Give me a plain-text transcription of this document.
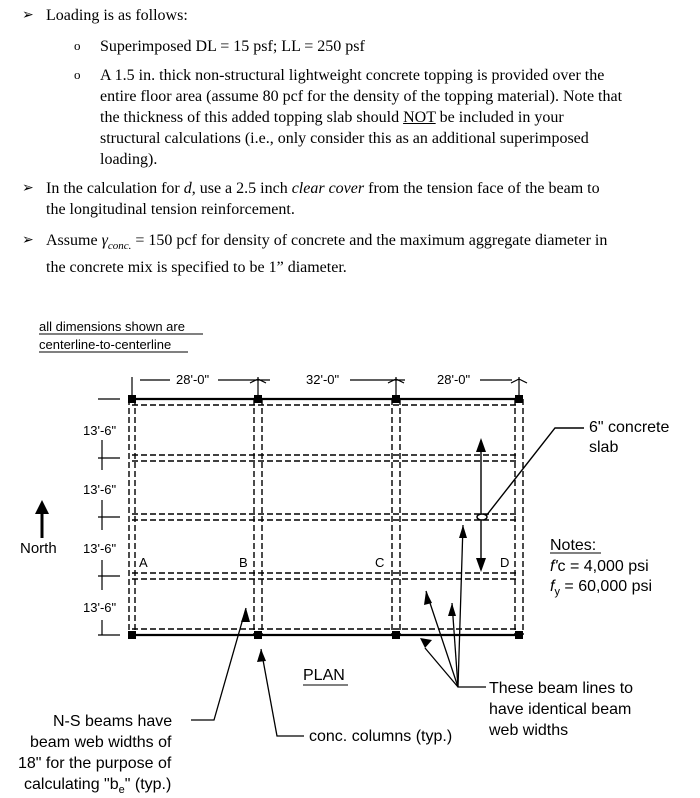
➢ Loading is as follows:
o Superimposed DL = 15 psf; LL = 250 psf
o A 1.5 in. thick non-structural lightweight concrete topping is provided over the
entire floor area (assume 80 pcf for the density of the topping material). Note that
the thickness of this added topping slab should NOT be included in your
structural calculations (i.e., only consider this as an additional superimposed
loading).
➢ In the calculation for d, use a 2.5 inch clear cover from the tension face of the beam to
the longitudinal tension reinforcement.
➢ Assume $\gamma_{conc.} = 150$ pcf for density of concrete and the maximum aggregate diameter in
the concrete mix is specified to be 1” diameter.
all dimensions shown are
centerline-to-centerline
28'-0"	32'-0"	28'-0"
13'-6"
13'-6"
13'-6"
13'-6"
North
A	B	C	D
6" concrete
slab
Notes:
f'c = 4,000 psi
$f_y = 60,000$ psi
PLAN
These beam lines to
have identical beam
web widths
N-S beams have
beam web widths of
18" for the purpose of
calculating "$b_e$" (typ.)
conc. columns (typ.)
